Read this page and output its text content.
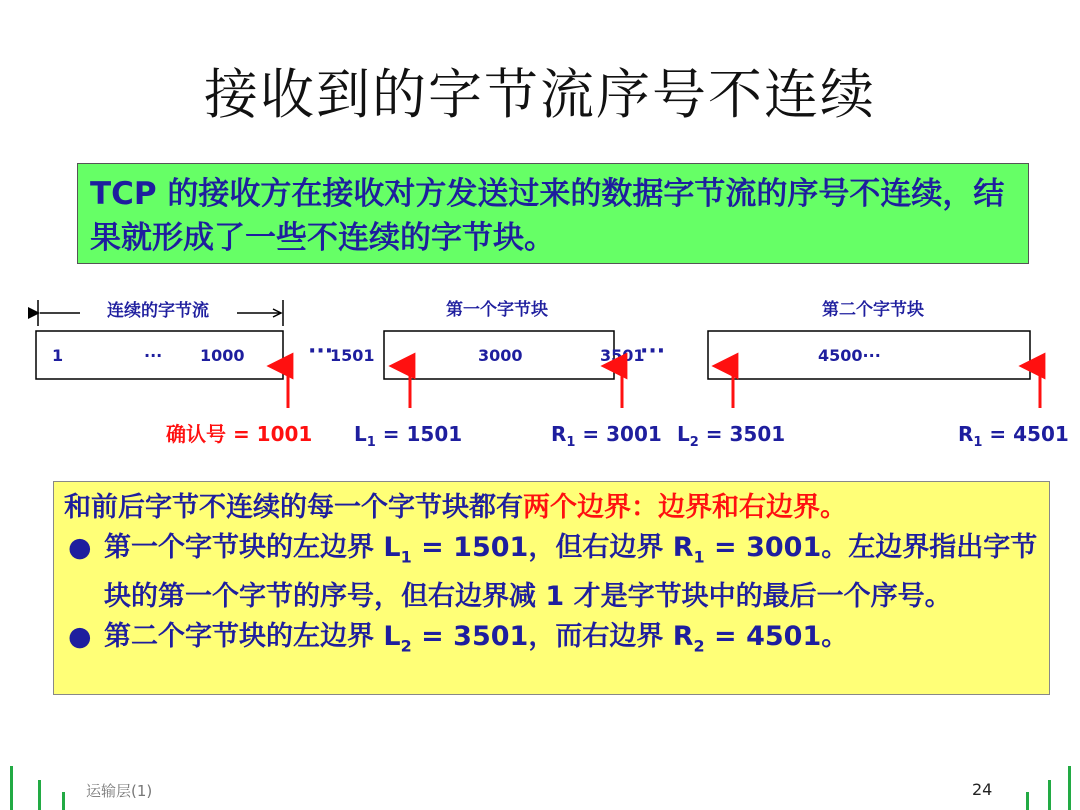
接收到的字节流序号不连续
TCP 的接收方在接收对方发送过来的数据字节流的序号不连续，结果就形成了一些不连续的字节块。
连续的字节流	第一个字节块	第二个字节块
1	··· 1000	···
1501	3000	3501
···	4500···
确认号 = 1001 $L_1 = 1501$	$R_1 = 3001$ $L_2 = 3501$	$R_1 = 4501$
和前后字节不连续的每一个字节块都有两个边界：边界和右边界。
● 第一个字节块的左边界 $L_1 = 1501$，但右边界 $R_1 = 3001$。左边界指出字节块的第一个字节的序号，但右边界减 1 才是字节块中的最后一个序号。
● 第二个字节块的左边界 $L_2 = 3501$，而右边界 $R_2 = 4501$。
运输层(1)	24
